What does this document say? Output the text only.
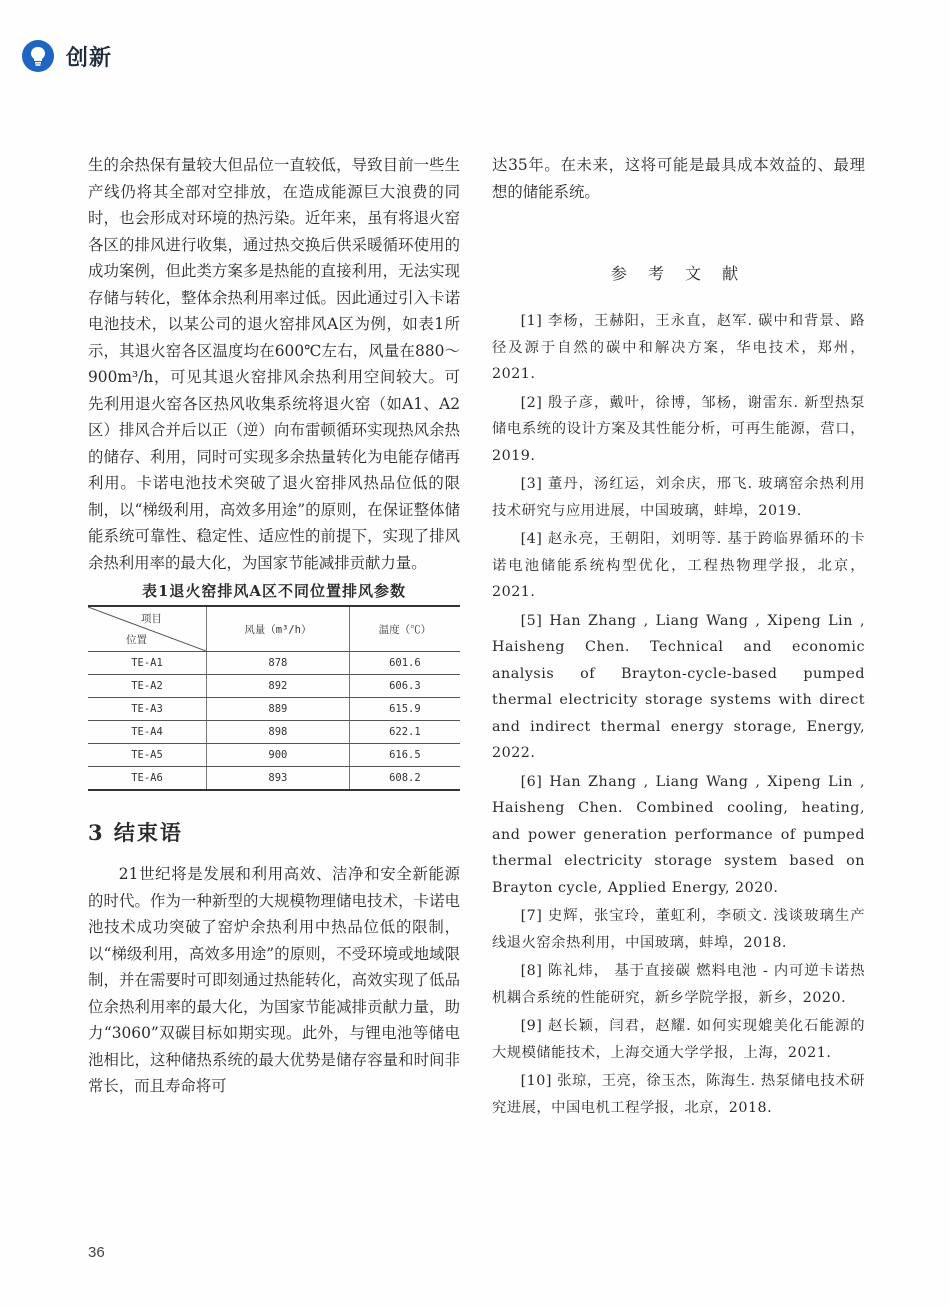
创新

生的余热保有量较大但品位一直较低，导致目前一些生产线仍将其全部对空排放，在造成能源巨大浪费的同时，也会形成对环境的热污染。近年来，虽有将退火窑各区的排风进行收集，通过热交换后供采暖循环使用的成功案例，但此类方案多是热能的直接利用，无法实现存储与转化，整体余热利用率过低。因此通过引入卡诺电池技术，以某公司的退火窑排风A区为例，如表1所示，其退火窑各区温度均在600℃左右，风量在880～900m³/h，可见其退火窑排风余热利用空间较大。可先利用退火窑各区热风收集系统将退火窑（如A1、A2区）排风合并后以正（逆）向布雷顿循环实现热风余热的储存、利用，同时可实现多余热量转化为电能存储再利用。卡诺电池技术突破了退火窑排风热品位低的限制，以“梯级利用，高效多用途”的原则，在保证整体储能系统可靠性、稳定性、适应性的前提下，实现了排风余热利用率的最大化，为国家节能减排贡献力量。

表1退火窑排风A区不同位置排风参数
项目
位置	风量（m³/h）	温度（℃）
TE-A1	878	601.6
TE-A2	892	606.3
TE-A3	889	615.9
TE-A4	898	622.1
TE-A5	900	616.5
TE-A6	893	608.2
3 结束语

21世纪将是发展和利用高效、洁净和安全新能源的时代。作为一种新型的大规模物理储电技术，卡诺电池技术成功突破了窑炉余热利用中热品位低的限制，以“梯级利用，高效多用途”的原则，不受环境或地域限制，并在需要时可即刻通过热能转化，高效实现了低品位余热利用率的最大化，为国家节能减排贡献力量，助力“3060”双碳目标如期实现。此外，与锂电池等储电池相比，这种储热系统的最大优势是储存容量和时间非常长，而且寿命将可

达35年。在未来，这将可能是最具成本效益的、最理想的储能系统。

参 考 文 献

[1] 李杨，王赫阳，王永直，赵军. 碳中和背景、路径及源于自然的碳中和解决方案，华电技术，郑州，2021.

[2] 殷子彦，戴叶，徐博，邹杨，谢雷东. 新型热泵储电系统的设计方案及其性能分析，可再生能源，营口，2019.

[3] 董丹，汤红运，刘余庆，邢飞. 玻璃窑余热利用技术研究与应用进展，中国玻璃，蚌埠，2019.

[4] 赵永亮，王朝阳，刘明等. 基于跨临界循环的卡诺电池储能系统构型优化，工程热物理学报，北京，2021.

[5] Han Zhang , Liang Wang , Xipeng Lin , Haisheng Chen. Technical and economic analysis of Brayton-cycle-based pumped thermal electricity storage systems with direct and indirect thermal energy storage, Energy, 2022.

[6] Han Zhang , Liang Wang , Xipeng Lin , Haisheng Chen. Combined cooling, heating, and power generation performance of pumped thermal electricity storage system based on Brayton cycle, Applied Energy, 2020.

[7] 史辉，张宝玲，董虹利，李硕文. 浅谈玻璃生产线退火窑余热利用，中国玻璃，蚌埠，2018.

[8] 陈礼炜， 基于直接碳 燃料电池 - 内可逆卡诺热机耦合系统的性能研究，新乡学院学报，新乡，2020.

[9] 赵长颖，闫君，赵耀. 如何实现媲美化石能源的大规模储能技术，上海交通大学学报，上海，2021.

[10] 张琼，王亮，徐玉杰，陈海生. 热泵储电技术研究进展，中国电机工程学报，北京，2018.

36
